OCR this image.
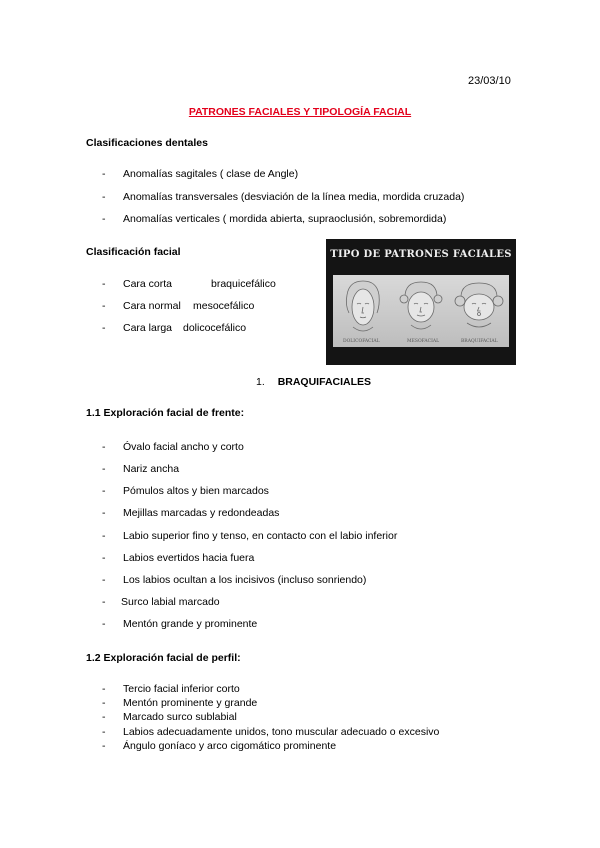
23/03/10
PATRONES FACIALES Y TIPOLOGÍA FACIAL
Clasificaciones dentales
- Anomalías sagitales ( clase de Angle)
- Anomalías transversales (desviación de la línea media, mordida cruzada)
- Anomalías verticales ( mordida abierta, supraoclusión, sobremordida)
Clasificación facial
- Cara corta	braquicefálico
- Cara normal mesocefálico
- Cara larga dolicocefálico
TIPO DE PATRONES FACIALES
DOLICOFACIAL	MESOFACIAL	BRAQUIFACIAL
1. BRAQUIFACIALES
1.1 Exploración facial de frente:
- Óvalo facial ancho y corto
- Nariz ancha
- Pómulos altos y bien marcados
- Mejillas marcadas y redondeadas
- Labio superior fino y tenso, en contacto con el labio inferior
- Labios evertidos hacia fuera
- Los labios ocultan a los incisivos (incluso sonriendo)
- Surco labial marcado
- Mentón grande y prominente
1.2 Exploración facial de perfil:
- Tercio facial inferior corto
- Mentón prominente y grande
- Marcado surco sublabial
- Labios adecuadamente unidos, tono muscular adecuado o excesivo
- Ángulo goníaco y arco cigomático prominente
